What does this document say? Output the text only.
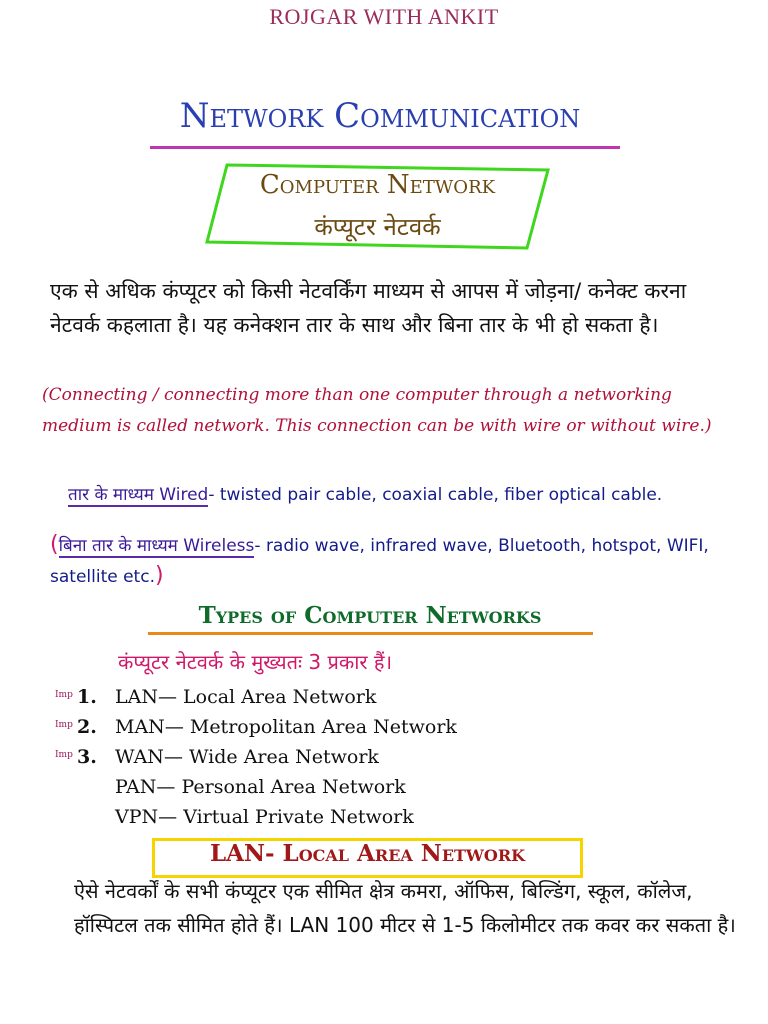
ROJGAR WITH ANKIT
Network Communication
Computer Network
कंप्यूटर नेटवर्क
एक से अधिक कंप्यूटर को किसी नेटवर्किंग माध्यम से आपस में जोड़ना/ कनेक्ट करना नेटवर्क कहलाता है। यह कनेक्शन तार के साथ और बिना तार के भी हो सकता है।
(Connecting / connecting more than one computer through a networking medium is called network. This connection can be with wire or without wire.)
तार के माध्यम Wired- twisted pair cable, coaxial cable, fiber optical cable.
(बिना तार के माध्यम Wireless- radio wave, infrared wave, Bluetooth, hotspot, WIFI, satellite etc.)
Types of Computer Networks
कंप्यूटर नेटवर्क के मुख्यतः 3 प्रकार हैं।
Imp 1. LAN— Local Area Network
Imp 2. MAN— Metropolitan Area Network
Imp 3. WAN— Wide Area Network
PAN— Personal Area Network
VPN— Virtual Private Network
LAN- Local Area Network
ऐसे नेटवर्कों के सभी कंप्यूटर एक सीमित क्षेत्र कमरा, ऑफिस, बिल्डिंग, स्कूल, कॉलेज, हॉस्पिटल तक सीमित होते हैं। LAN 100 मीटर से 1-5 किलोमीटर तक कवर कर सकता है।
